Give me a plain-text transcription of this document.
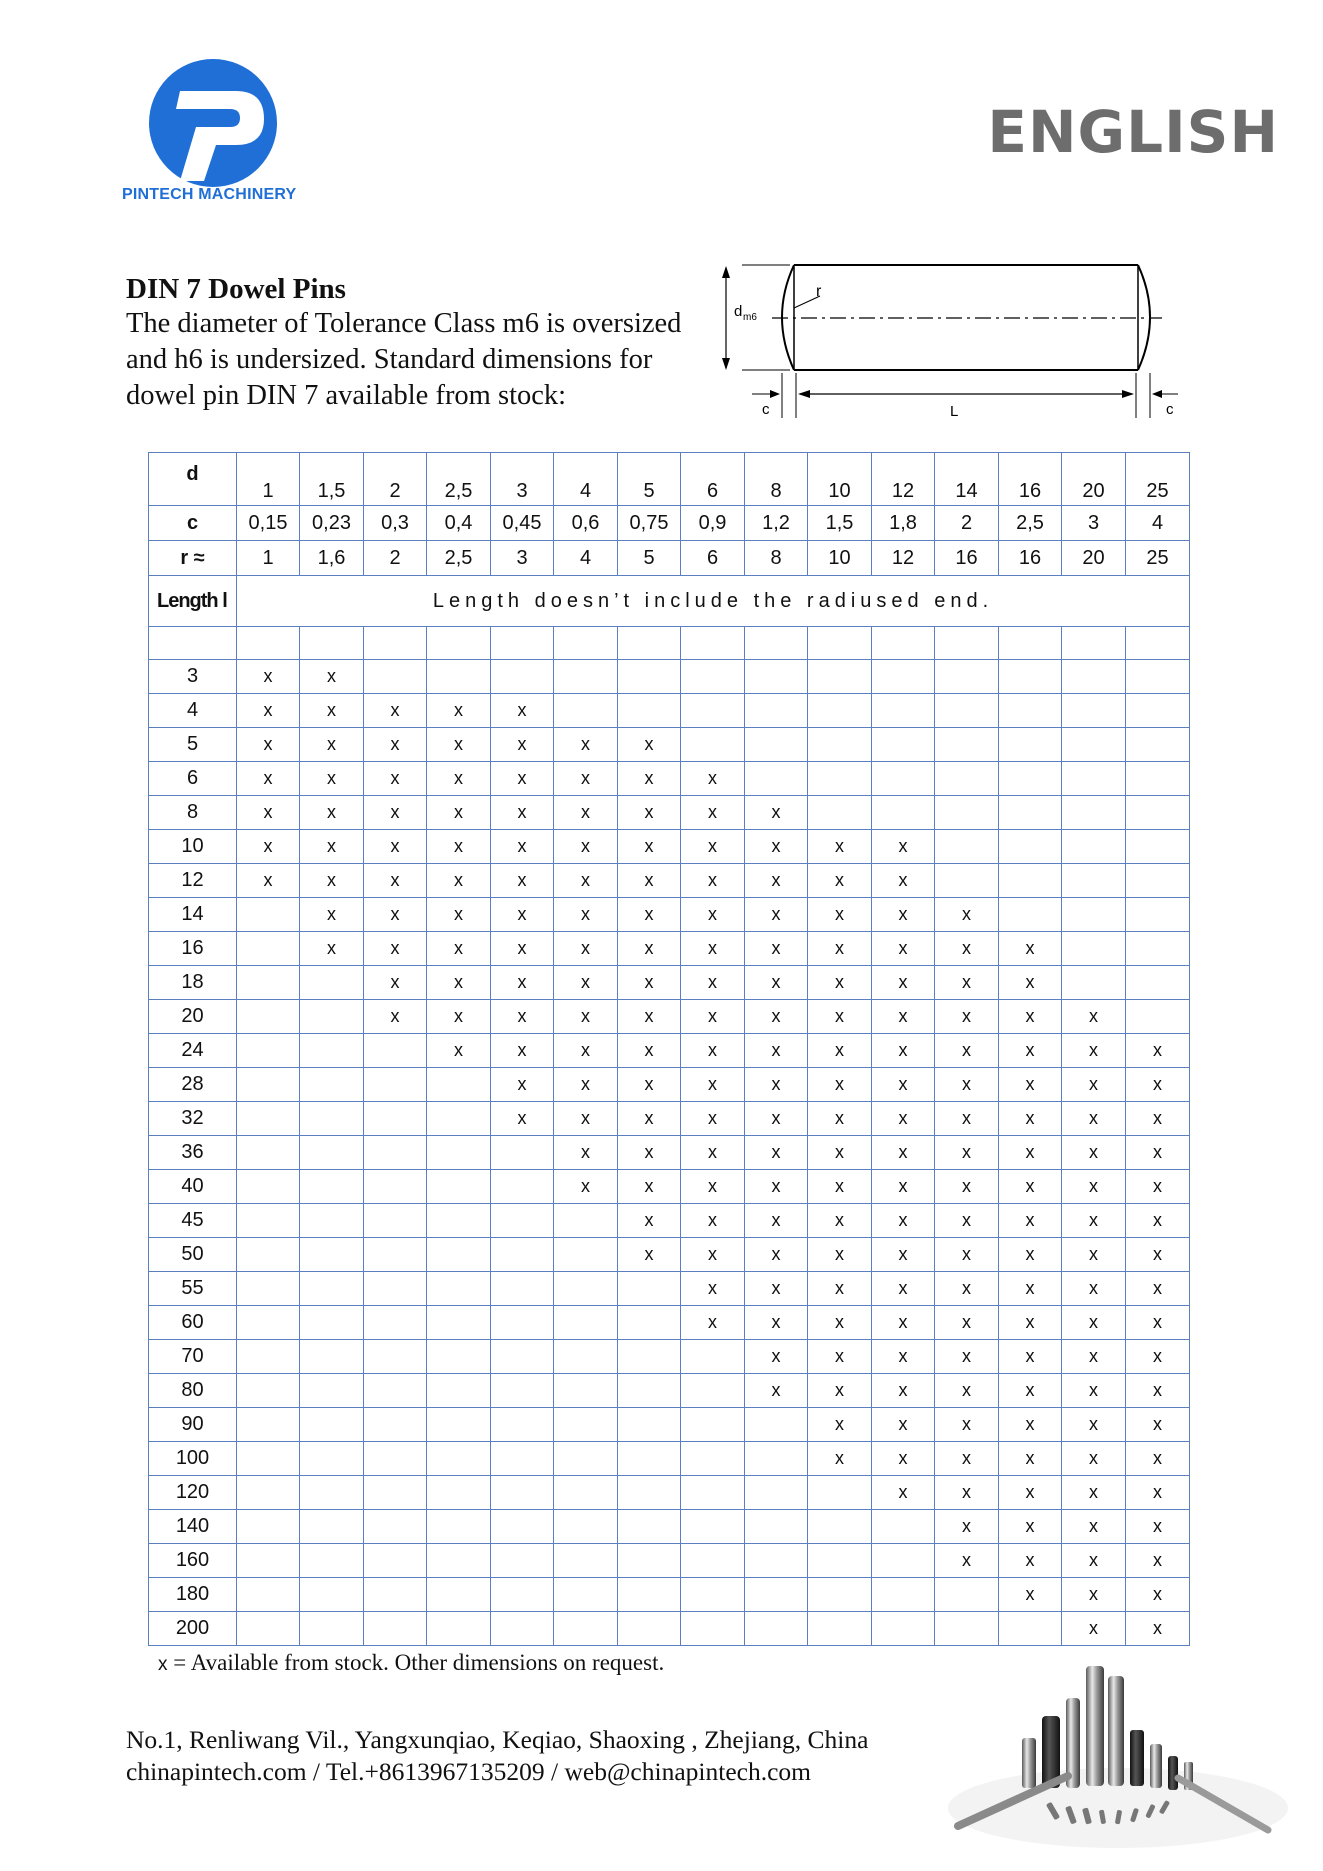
PINTECH MACHINERY
ENGLISH
DIN 7 Dowel Pins
The diameter of Tolerance Class m6 is oversized and h6 is undersized. Standard dimensions for dowel pin DIN 7 available from stock:
d m6
r
L
c	c
d	1	1,5	2	2,5	3	4	5	6	8	10	12	14	16	20	25
c	0,15	0,23	0,3	0,4	0,45	0,6	0,75	0,9	1,2	1,5	1,8	2	2,5	3	4
r ≈	1	1,6	2	2,5	3	4	5	6	8	10	12	16	16	20	25
Length l	Length doesn’t include the radiused end.														

3	x	x													
4	x	x	x	x	x										
5	x	x	x	x	x	x	x								
6	x	x	x	x	x	x	x	x							
8	x	x	x	x	x	x	x	x	x						
10	x	x	x	x	x	x	x	x	x	x	x				
12	x	x	x	x	x	x	x	x	x	x	x				
14		x	x	x	x	x	x	x	x	x	x	x			
16		x	x	x	x	x	x	x	x	x	x	x	x		
18			x	x	x	x	x	x	x	x	x	x	x		
20			x	x	x	x	x	x	x	x	x	x	x	x	
24				x	x	x	x	x	x	x	x	x	x	x	x
28					x	x	x	x	x	x	x	x	x	x	x
32					x	x	x	x	x	x	x	x	x	x	x
36						x	x	x	x	x	x	x	x	x	x
40						x	x	x	x	x	x	x	x	x	x
45							x	x	x	x	x	x	x	x	x
50							x	x	x	x	x	x	x	x	x
55								x	x	x	x	x	x	x	x
60								x	x	x	x	x	x	x	x
70									x	x	x	x	x	x	x
80									x	x	x	x	x	x	x
90										x	x	x	x	x	x
100										x	x	x	x	x	x
120											x	x	x	x	x
140												x	x	x	x
160												x	x	x	x
180													x	x	x
200														x	x
x = Available from stock. Other dimensions on request.
No.1, Renliwang Vil., Yangxunqiao, Keqiao, Shaoxing , Zhejiang, China
chinapintech.com / Tel.+8613967135209 / web@chinapintech.com
